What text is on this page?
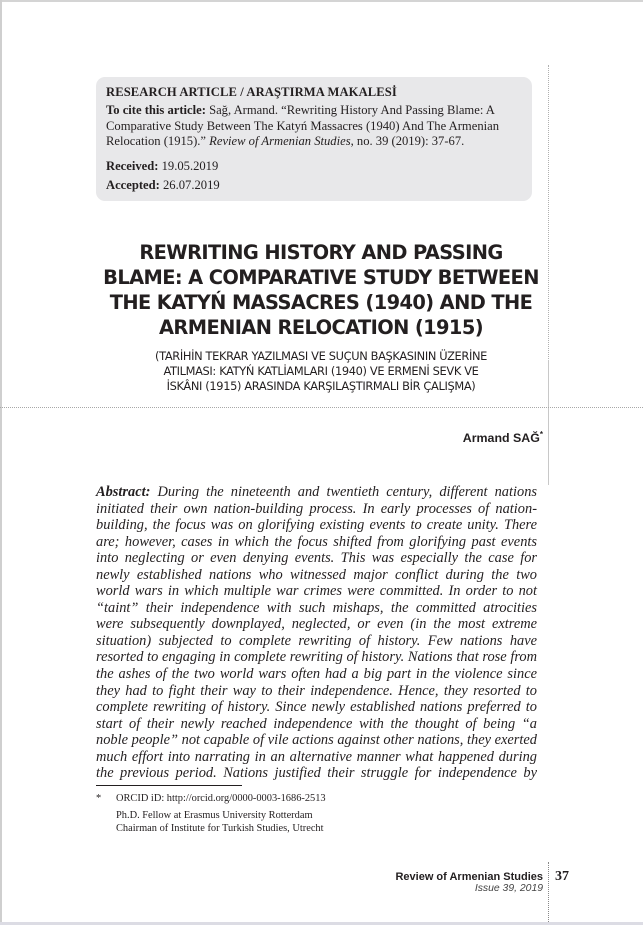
RESEARCH ARTICLE / ARAŞTIRMA MAKALESİ

To cite this article: Sağ, Armand. “Rewriting History And Passing Blame: A Comparative Study Between The Katyń Massacres (1940) And The Armenian Relocation (1915).” Review of Armenian Studies, no. 39 (2019): 37-67.

Received: 19.05.2019
Accepted: 26.07.2019
REWRITING HISTORY AND PASSING
BLAME: A COMPARATIVE STUDY BETWEEN
THE KATYŃ MASSACRES (1940) AND THE
ARMENIAN RELOCATION (1915)
(TARİHİN TEKRAR YAZILMASI VE SUÇUN BAŞKASININ ÜZERİNE
ATILMASI: KATYŃ KATLİAMLARI (1940) VE ERMENİ SEVK VE
İSKÂNI (1915) ARASINDA KARŞILAŞTIRMALI BİR ÇALIŞMA)
Armand SAĞ*
Abstract: During the nineteenth and twentieth century, different nations
initiated their own nation-building process. In early processes of nation-
building, the focus was on glorifying existing events to create unity. There
are; however, cases in which the focus shifted from glorifying past events
into neglecting or even denying events. This was especially the case for
newly established nations who witnessed major conflict during the two
world wars in which multiple war crimes were committed. In order to not
“taint” their independence with such mishaps, the committed atrocities
were subsequently downplayed, neglected, or even (in the most extreme
situation) subjected to complete rewriting of history. Few nations have
resorted to engaging in complete rewriting of history. Nations that rose from
the ashes of the two world wars often had a big part in the violence since
they had to fight their way to their independence. Hence, they resorted to
complete rewriting of history. Since newly established nations preferred to
start of their newly reached independence with the thought of being “a
noble people” not capable of vile actions against other nations, they exerted
much effort into narrating in an alternative manner what happened during
the previous period. Nations justified their struggle for independence by
*	ORCID iD: http://orcid.org/0000-0003-1686-2513
Ph.D. Fellow at Erasmus University Rotterdam
Chairman of Institute for Turkish Studies, Utrecht
Review of Armenian Studies
Issue 39, 2019
37
